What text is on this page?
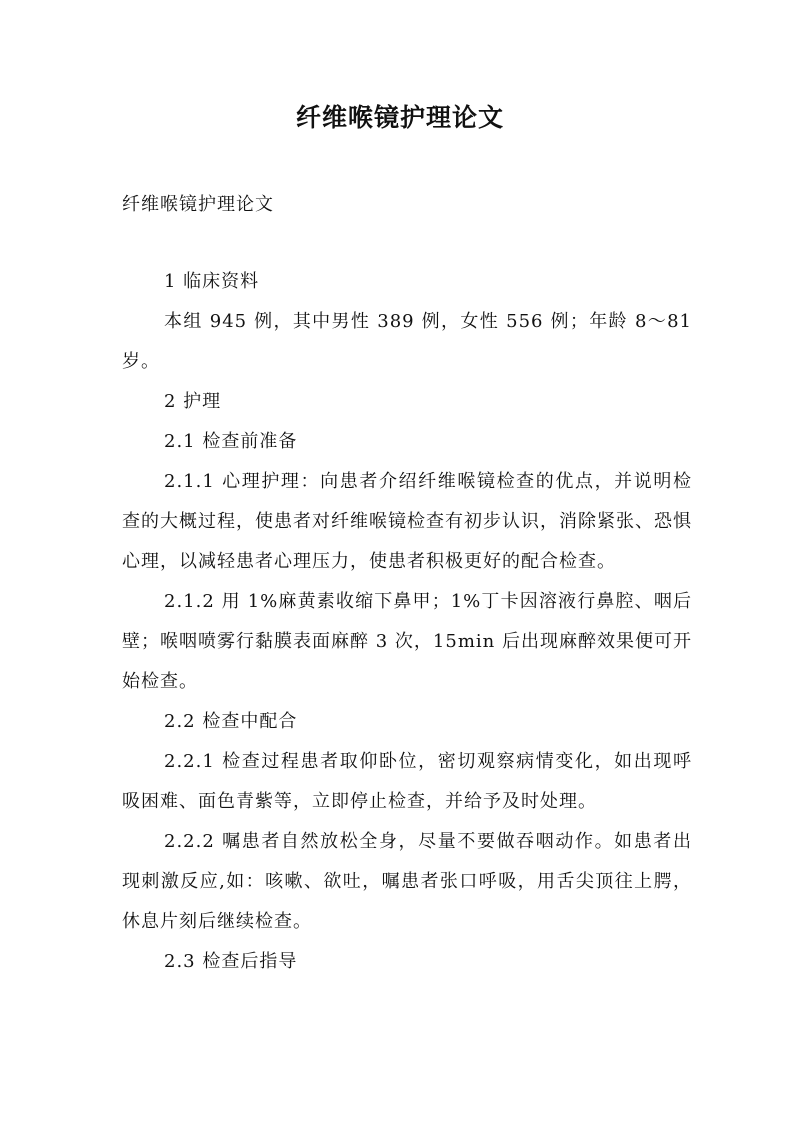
纤维喉镜护理论文
纤维喉镜护理论文

1 临床资料

本组 945 例，其中男性 389 例，女性 556 例；年龄 8～81 岁。

2 护理

2.1 检查前准备

2.1.1 心理护理：向患者介绍纤维喉镜检查的优点，并说明检查的大概过程，使患者对纤维喉镜检查有初步认识，消除紧张、恐惧心理，以减轻患者心理压力，使患者积极更好的配合检查。

2.1.2 用 1%麻黄素收缩下鼻甲；1%丁卡因溶液行鼻腔、咽后壁；喉咽喷雾行黏膜表面麻醉 3 次，15min 后出现麻醉效果便可开始检查。

2.2 检查中配合

2.2.1 检查过程患者取仰卧位，密切观察病情变化，如出现呼吸困难、面色青紫等，立即停止检查，并给予及时处理。

2.2.2 嘱患者自然放松全身，尽量不要做吞咽动作。如患者出现刺激反应,如：咳嗽、欲吐，嘱患者张口呼吸，用舌尖顶往上腭，休息片刻后继续检查。

2.3 检查后指导
